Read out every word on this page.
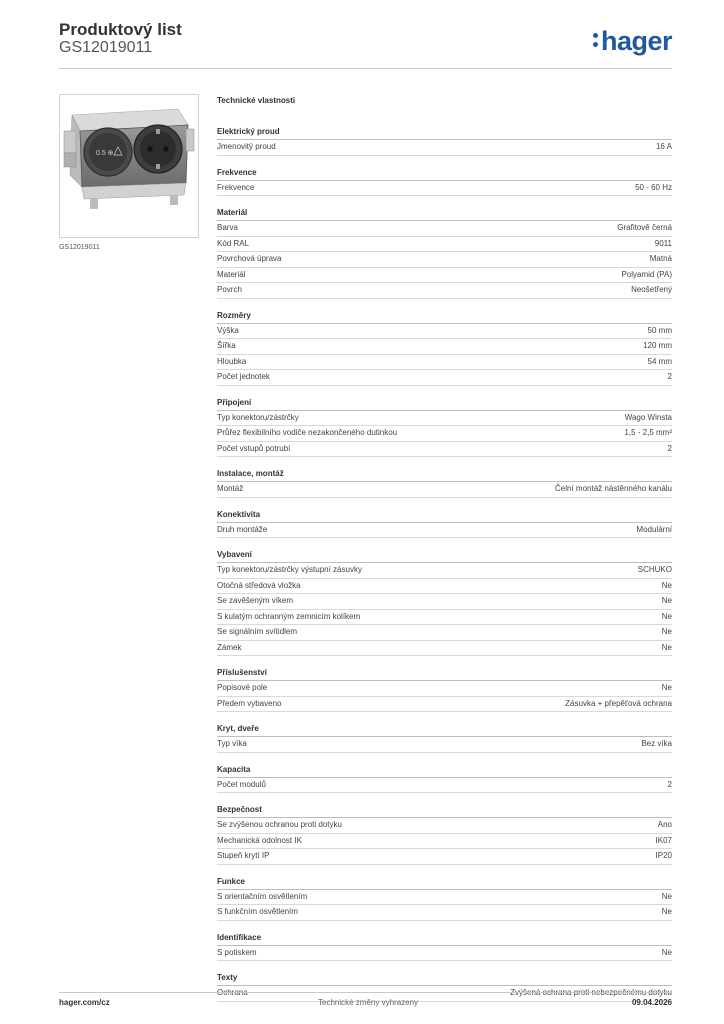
Produktový list
GS12019011	hager
0.5 ⊕
GS12019011
Technické vlastnosti
Elektrický proud
Jmenovitý proud	16 A
Frekvence
Frekvence	50 - 60 Hz
Materiál
Barva	Grafitově černá
Kód RAL	9011
Povrchová úprava	Matná
Materiál	Polyamid (PA)
Povrch	Neošetřený
Rozměry
Výška	50 mm
Šířka	120 mm
Hloubka	54 mm
Počet jednotek	2
Připojení
Typ konektoru/zástrčky	Wago Winsta
Průřez flexibilního vodiče nezakončeného dutinkou	1,5 - 2,5 mm²
Počet vstupů potrubí	2
Instalace, montáž
Montáž	Čelní montáž nástěnného kanálu
Konektivita
Druh montáže	Modulární
Vybavení
Typ konektoru/zástrčky výstupní zásuvky	SCHUKO
Otočná středová vložka	Ne
Se zavěšeným víkem	Ne
S kulatým ochranným zemnicím kolíkem	Ne
Se signálním svítidlem	Ne
Zámek	Ne
Příslušenství
Popisové pole	Ne
Předem vybaveno	Zásuvka + přepěťová ochrana
Kryt, dveře
Typ víka	Bez víka
Kapacita
Počet modulů	2
Bezpečnost
Se zvýšenou ochranou proti dotyku	Ano
Mechanická odolnost IK	IK07
Stupeň krytí IP	IP20
Funkce
S orientačním osvětlením	Ne
S funkčním osvětlením	Ne
Identifikace
S potiskem	Ne
Texty
Ochrana	Zvýšená ochrana proti nebezpečnému dotyku
hager.com/cz	Technické změny vyhrazeny	09.04.2026
